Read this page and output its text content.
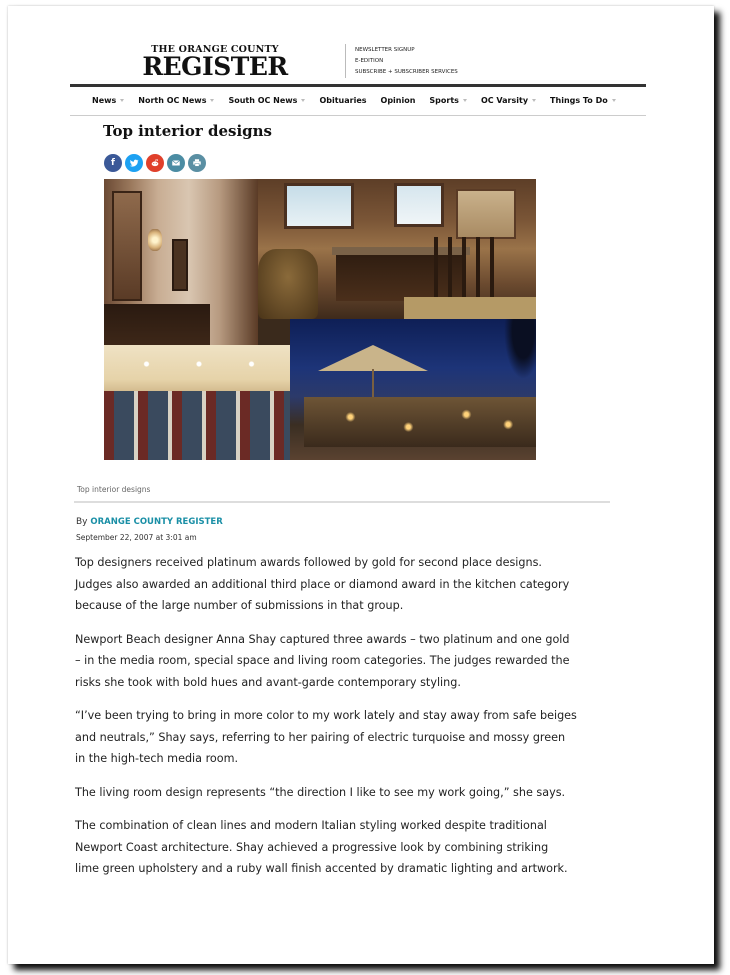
THE ORANGE COUNTY
REGISTER
NEWSLETTER SIGNUP
E-EDITION
SUBSCRIBE + SUBSCRIBER SERVICES
News	North OC News	South OC News	Obituaries Opinion Sports	OC Varsity	Things To Do
Top interior designs
f
Top interior designs
By ORANGE COUNTY REGISTER
September 22, 2007 at 3:01 am

Top designers received platinum awards followed by gold for second place designs.
Judges also awarded an additional third place or diamond award in the kitchen category
because of the large number of submissions in that group.

Newport Beach designer Anna Shay captured three awards – two platinum and one gold
– in the media room, special space and living room categories. The judges rewarded the
risks she took with bold hues and avant-garde contemporary styling.

“I’ve been trying to bring in more color to my work lately and stay away from safe beiges
and neutrals,” Shay says, referring to her pairing of electric turquoise and mossy green
in the high-tech media room.

The living room design represents “the direction I like to see my work going,” she says.

The combination of clean lines and modern Italian styling worked despite traditional
Newport Coast architecture. Shay achieved a progressive look by combining striking
lime green upholstery and a ruby wall finish accented by dramatic lighting and artwork.
